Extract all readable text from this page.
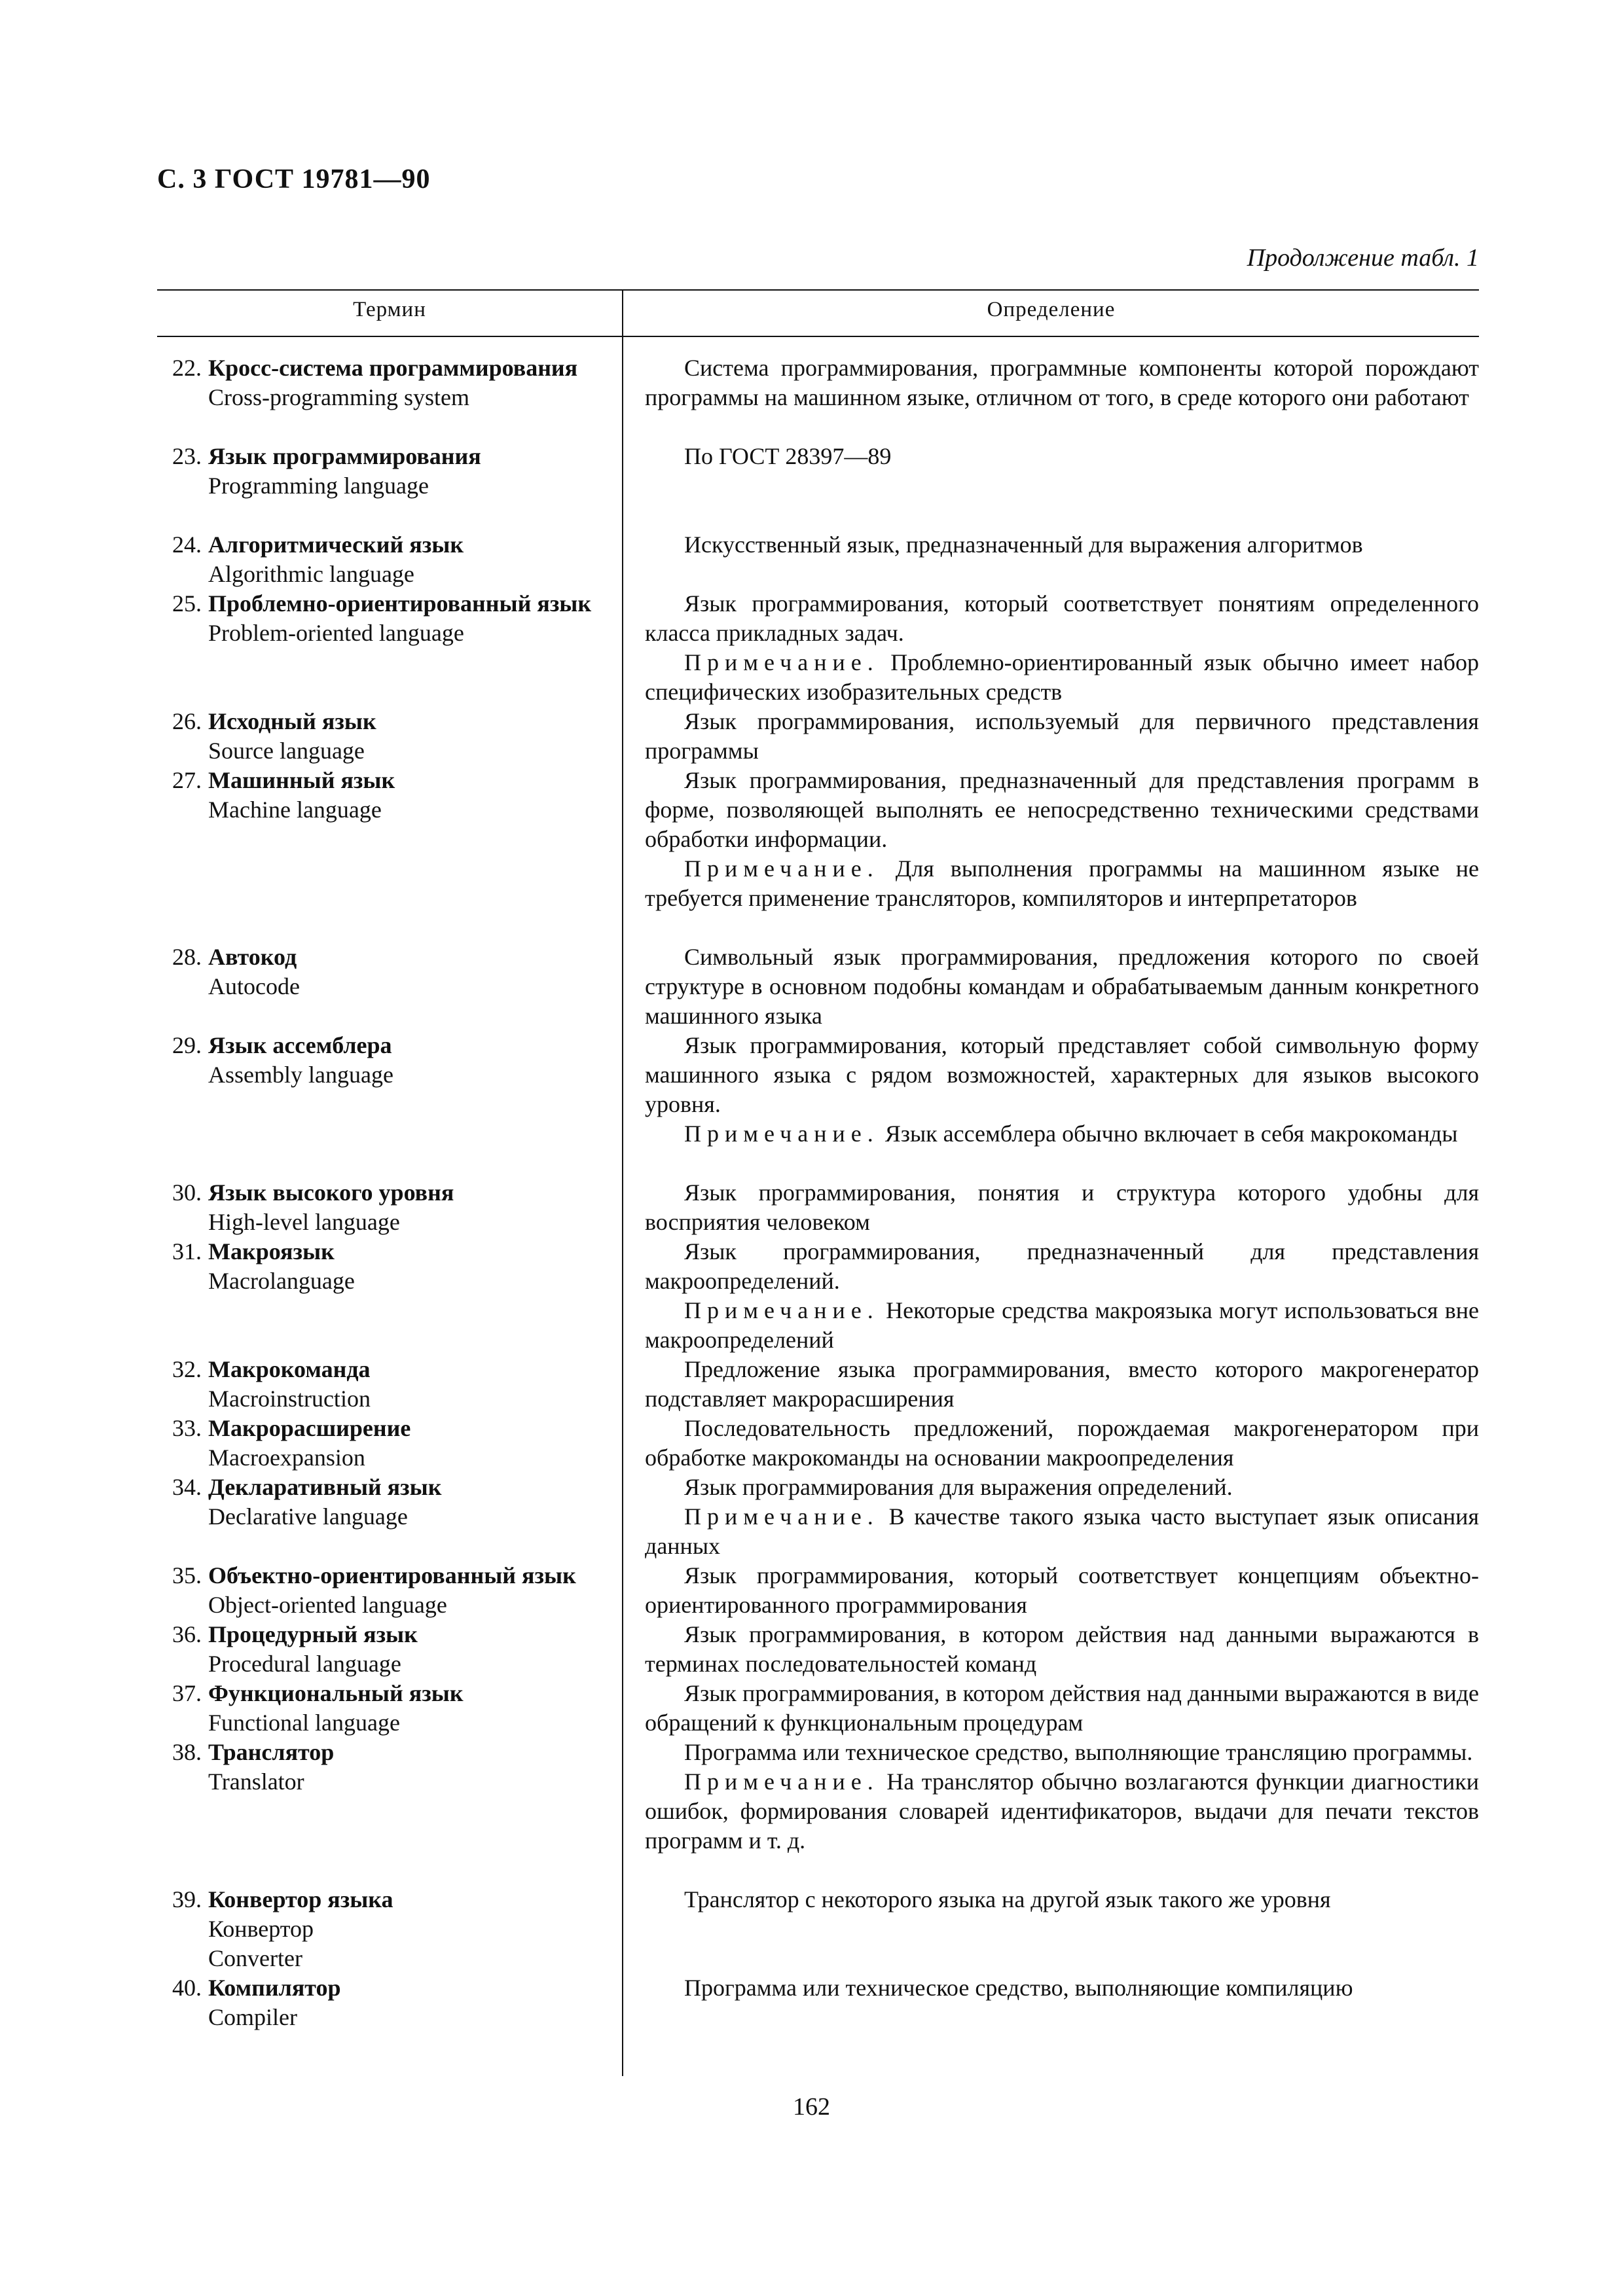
С. 3 ГОСТ 19781—90
Продолжение табл. 1
Термин	Определение
22. Кросс-система программирования
Cross-programming system

Система программирования, программные компоненты которой порождают программы на машинном языке, отличном от того, в среде которого они работают

23. Язык программирования
Programming language

По ГОСТ 28397—89

24. Алгоритмический язык
Algorithmic language

Искусственный язык, предназначенный для выражения алгоритмов

25. Проблемно-ориентированный язык
Problem-oriented language

Язык программирования, который соответствует понятиям определенного класса прикладных задач.

Примечание. Проблемно-ориентированный язык обычно имеет набор специфических изобразительных средств

26. Исходный язык
Source language

Язык программирования, используемый для первичного представления программы

27. Машинный язык
Machine language

Язык программирования, предназначенный для представления программ в форме, позволяющей выполнять ее непосредственно техническими средствами обработки информации.

Примечание. Для выполнения программы на машинном языке не требуется применение трансляторов, компиляторов и интерпретаторов

28. Автокод
Autocode

Символьный язык программирования, предложения которого по своей структуре в основном подобны командам и обрабатываемым данным конкретного машинного языка

29. Язык ассемблера
Assembly language

Язык программирования, который представляет собой символьную форму машинного языка с рядом возможностей, характерных для языков высокого уровня.

Примечание. Язык ассемблера обычно включает в себя макрокоманды

30. Язык высокого уровня
High-level language

Язык программирования, понятия и структура которого удобны для восприятия человеком

31. Макроязык
Macrolanguage

Язык программирования, предназначенный для представления макроопределений.

Примечание. Некоторые средства макроязыка могут использоваться вне макроопределений

32. Макрокоманда
Macroinstruction

Предложение языка программирования, вместо которого макрогенератор подставляет макрорасширения

33. Макрорасширение
Macroexpansion

Последовательность предложений, порождаемая макрогенератором при обработке макрокоманды на основании макроопределения

34. Декларативный язык
Declarative language

Язык программирования для выражения определений.

Примечание. В качестве такого языка часто выступает язык описания данных

35. Объектно-ориентированный язык
Object-oriented language

Язык программирования, который соответствует концепциям объектно-ориентированного программирования

36. Процедурный язык
Procedural language

Язык программирования, в котором действия над данными выражаются в терминах последовательностей команд

37. Функциональный язык
Functional language

Язык программирования, в котором действия над данными выражаются в виде обращений к функциональным процедурам

38. Транслятор
Translator

Программа или техническое средство, выполняющие трансляцию программы.

Примечание. На транслятор обычно возлагаются функции диагностики ошибок, формирования словарей идентификаторов, выдачи для печати текстов программ и т. д.

39. Конвертор языка
Конвертор
Converter

Транслятор с некоторого языка на другой язык такого же уровня

40. Компилятор
Compiler

Программа или техническое средство, выполняющие компиляцию

162
